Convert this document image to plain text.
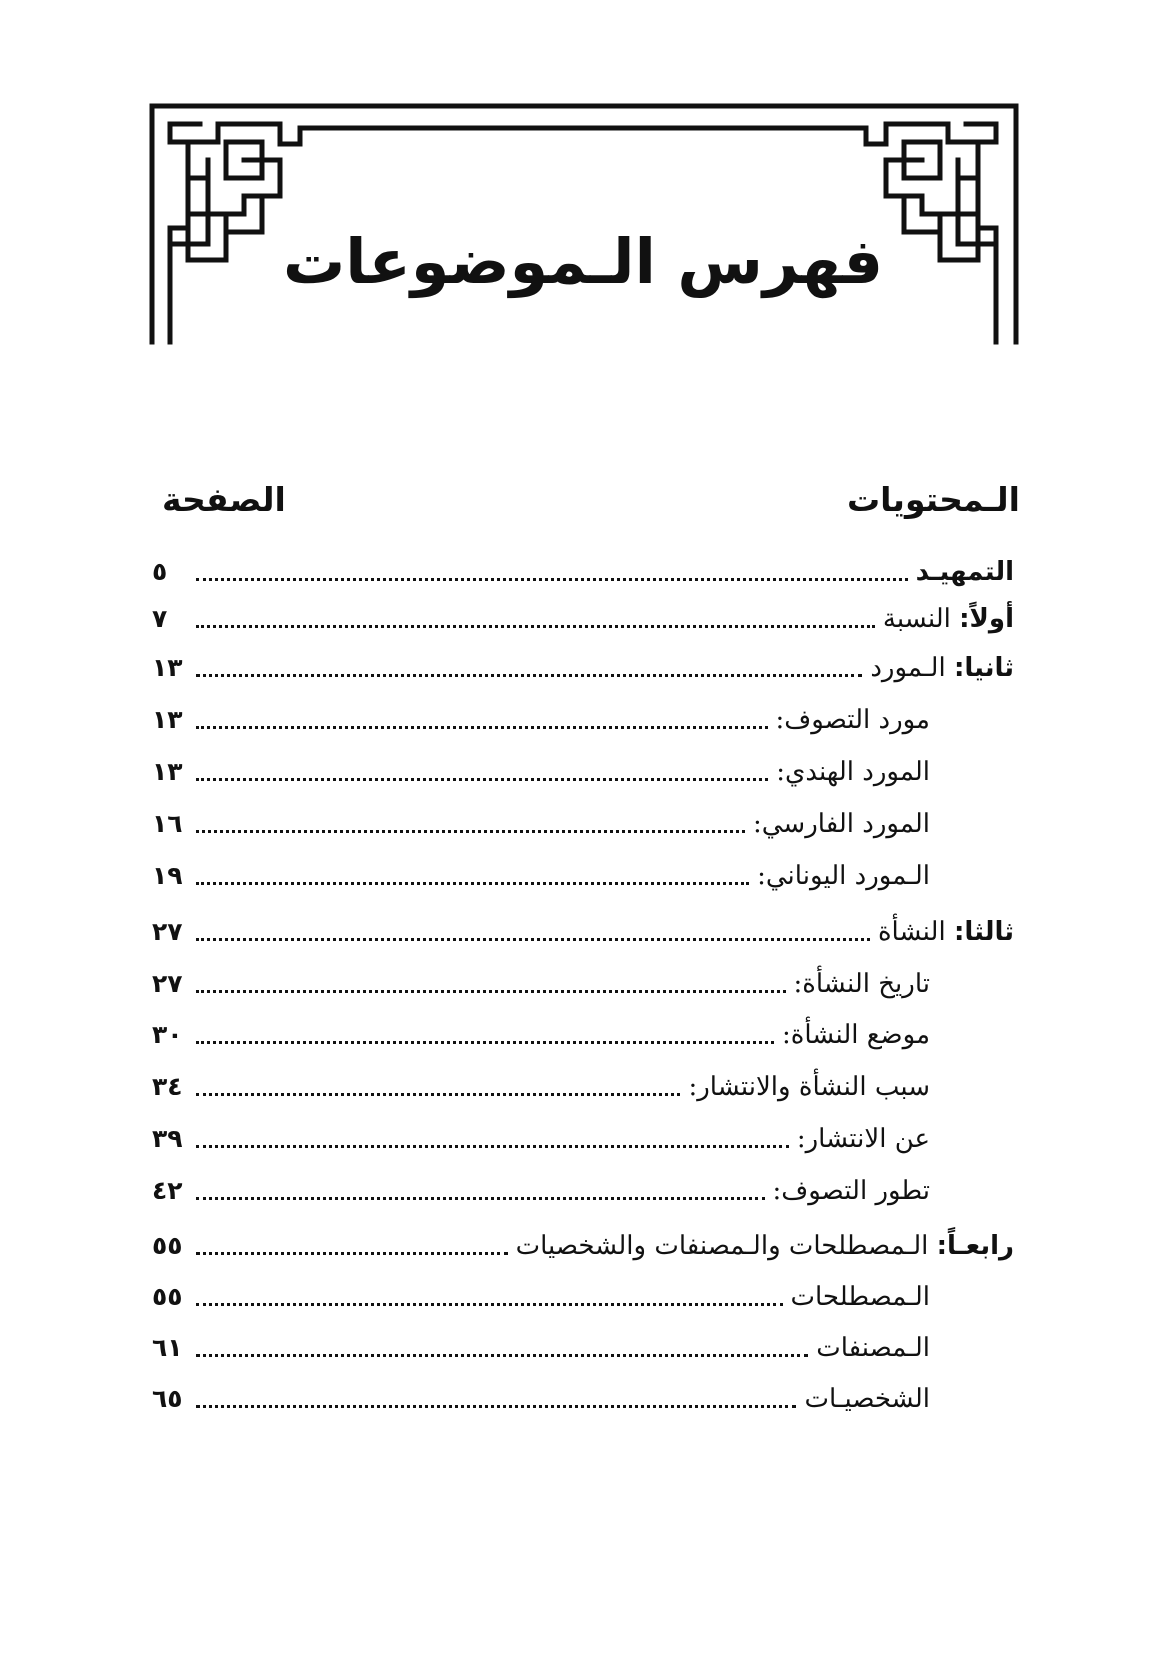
فهرس الـموضوعات
الـمحتويات
الصفحة
التمهيـد
٥
أولاً: النسبة
٧
ثانيا: الـمورد
١٣
مورد التصوف:
١٣
المورد الهندي:
١٣
المورد الفارسي:
١٦
الـمورد اليوناني:
١٩
ثالثا: النشأة
٢٧
تاريخ النشأة:
٢٧
موضع النشأة:
٣٠
سبب النشأة والانتشار:
٣٤
عن الانتشار:
٣٩
تطور التصوف:
٤٢
رابعـاً: الـمصطلحات والـمصنفات والشخصيات
٥٥
الـمصطلحات
٥٥
الـمصنفات
٦١
الشخصيـات
٦٥
